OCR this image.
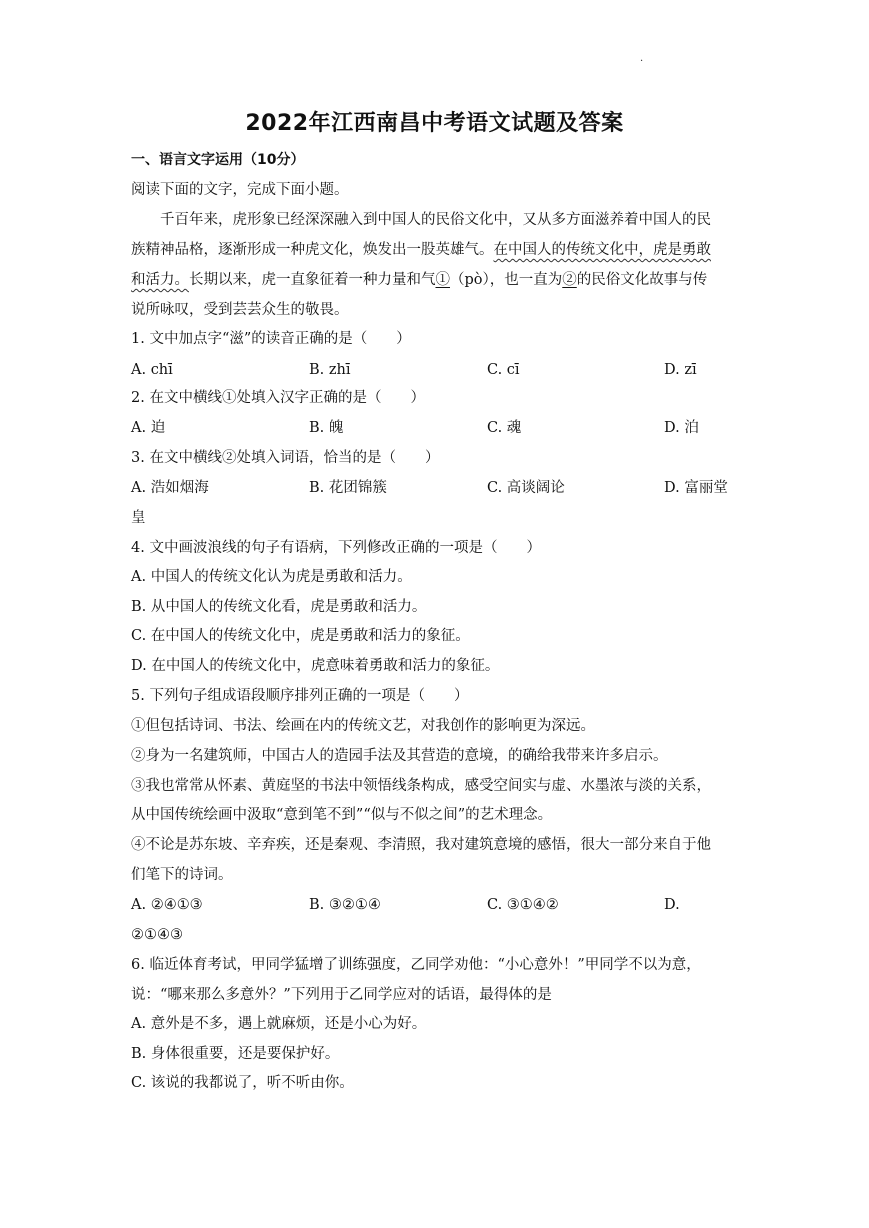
·
2022年江西南昌中考语文试题及答案
一、语言文字运用（10分）
阅读下面的文字，完成下面小题。
千百年来，虎形象已经深深融入到中国人的民俗文化中，又从多方面滋养着中国人的民
族精神品格，逐渐形成一种虎文化，焕发出一股英雄气。在中国人的传统文化中，虎是勇敢
和活力。长期以来，虎一直象征着一种力量和气①（pò），也一直为②的民俗文化故事与传
说所咏叹，受到芸芸众生的敬畏。
1. 文中加点字“滋”的读音正确的是（　　）
A. chī	B. zhī	C. cī	D. zī
2. 在文中横线①处填入汉字正确的是（　　）
A. 迫	B. 魄	C. 魂	D. 泊
3. 在文中横线②处填入词语，恰当的是（　　）
A. 浩如烟海	B. 花团锦簇	C. 高谈阔论	D. 富丽堂
皇
4. 文中画波浪线的句子有语病，下列修改正确的一项是（　　）
A. 中国人的传统文化认为虎是勇敢和活力。
B. 从中国人的传统文化看，虎是勇敢和活力。
C. 在中国人的传统文化中，虎是勇敢和活力的象征。
D. 在中国人的传统文化中，虎意味着勇敢和活力的象征。
5. 下列句子组成语段顺序排列正确的一项是（　　）
①但包括诗词、书法、绘画在内的传统文艺，对我创作的影响更为深远。
②身为一名建筑师，中国古人的造园手法及其营造的意境，的确给我带来许多启示。
③我也常常从怀素、黄庭坚的书法中领悟线条构成，感受空间实与虚、水墨浓与淡的关系，
从中国传统绘画中汲取“意到笔不到”“似与不似之间”的艺术理念。
④不论是苏东坡、辛弃疾，还是秦观、李清照，我对建筑意境的感悟，很大一部分来自于他
们笔下的诗词。
A. ②④①③	B. ③②①④	C. ③①④②	D.
②①④③
6. 临近体育考试，甲同学猛增了训练强度，乙同学劝他：“小心意外！”甲同学不以为意，
说：“哪来那么多意外？”下列用于乙同学应对的话语，最得体的是
A. 意外是不多，遇上就麻烦，还是小心为好。
B. 身体很重要，还是要保护好。
C. 该说的我都说了，听不听由你。
